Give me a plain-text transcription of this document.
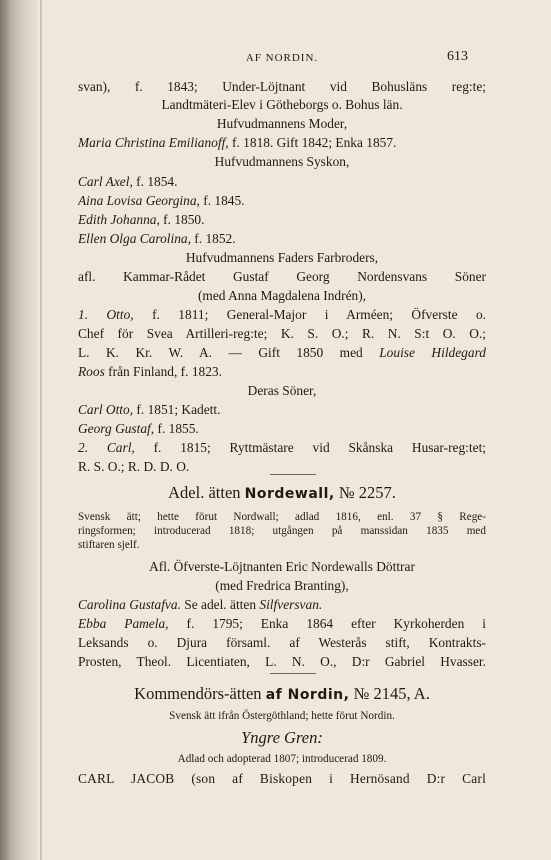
AF NORDIN.	613

svan), f. 1843; Under-Löjtnant vid Bohusläns reg:te;

Landtmäteri-Elev i Götheborgs o. Bohus län.

Hufvudmannens Moder,

Maria Christina Emilianoff, f. 1818. Gift 1842; Enka 1857.

Hufvudmannens Syskon,

Carl Axel, f. 1854.

Aina Lovisa Georgina, f. 1845.

Edith Johanna, f. 1850.

Ellen Olga Carolina, f. 1852.

Hufvudmannens Faders Farbroders,

afl. Kammar-Rådet Gustaf Georg Nordensvans Söner

(med Anna Magdalena Indrén),

1. Otto, f. 1811; General-Major i Arméen; Öfverste o.

Chef för Svea Artilleri-reg:te; K. S. O.; R. N. S:t O. O.;

L. K. Kr. W. A. — Gift 1850 med Louise Hildegard

Roos från Finland, f. 1823.

Deras Söner,

Carl Otto, f. 1851; Kadett.

Georg Gustaf, f. 1855.

2. Carl, f. 1815; Ryttmästare vid Skånska Husar-reg:tet;

R. S. O.; R. D. D. O.

Adel. ätten Nordewall, № 2257.

Svensk ätt; hette förut Nordwall; adlad 1816, enl. 37 § Rege-

ringsformen; introducerad 1818; utgången på manssidan 1835 med

stiftaren sjelf.

Afl. Öfverste-Löjtnanten Eric Nordewalls Döttrar

(med Fredrica Branting),

Carolina Gustafva. Se adel. ätten Silfversvan.

Ebba Pamela, f. 1795; Enka 1864 efter Kyrkoherden i

Leksands o. Djura församl. af Westerås stift, Kontrakts-

Prosten, Theol. Licentiaten, L. N. O., D:r Gabriel Hvasser.

Kommendörs-ätten af Nordin, № 2145, A.

Svensk ätt ifrån Östergöthland; hette förut Nordin.

Yngre Gren:

Adlad och adopterad 1807; introducerad 1809.

CARL JACOB (son af Biskopen i Hernösand D:r Carl
